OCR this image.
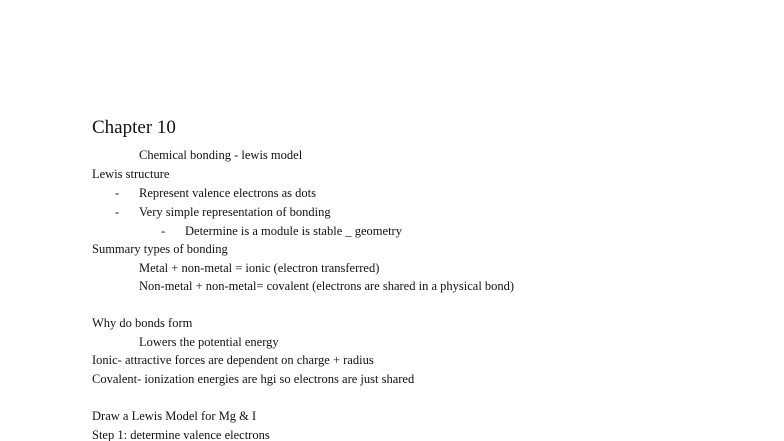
Chapter 10
Chemical bonding - lewis model
Lewis structure
- Represent valence electrons as dots
- Very simple representation of bonding
- Determine is a module is stable _ geometry
Summary types of bonding
Metal + non-metal = ionic (electron transferred)
Non-metal + non-metal= covalent (electrons are shared in a physical bond)
Why do bonds form
Lowers the potential energy
Ionic- attractive forces are dependent on charge + radius
Covalent- ionization energies are hgi so electrons are just shared
Draw a Lewis Model for Mg & I
Step 1: determine valence electrons
